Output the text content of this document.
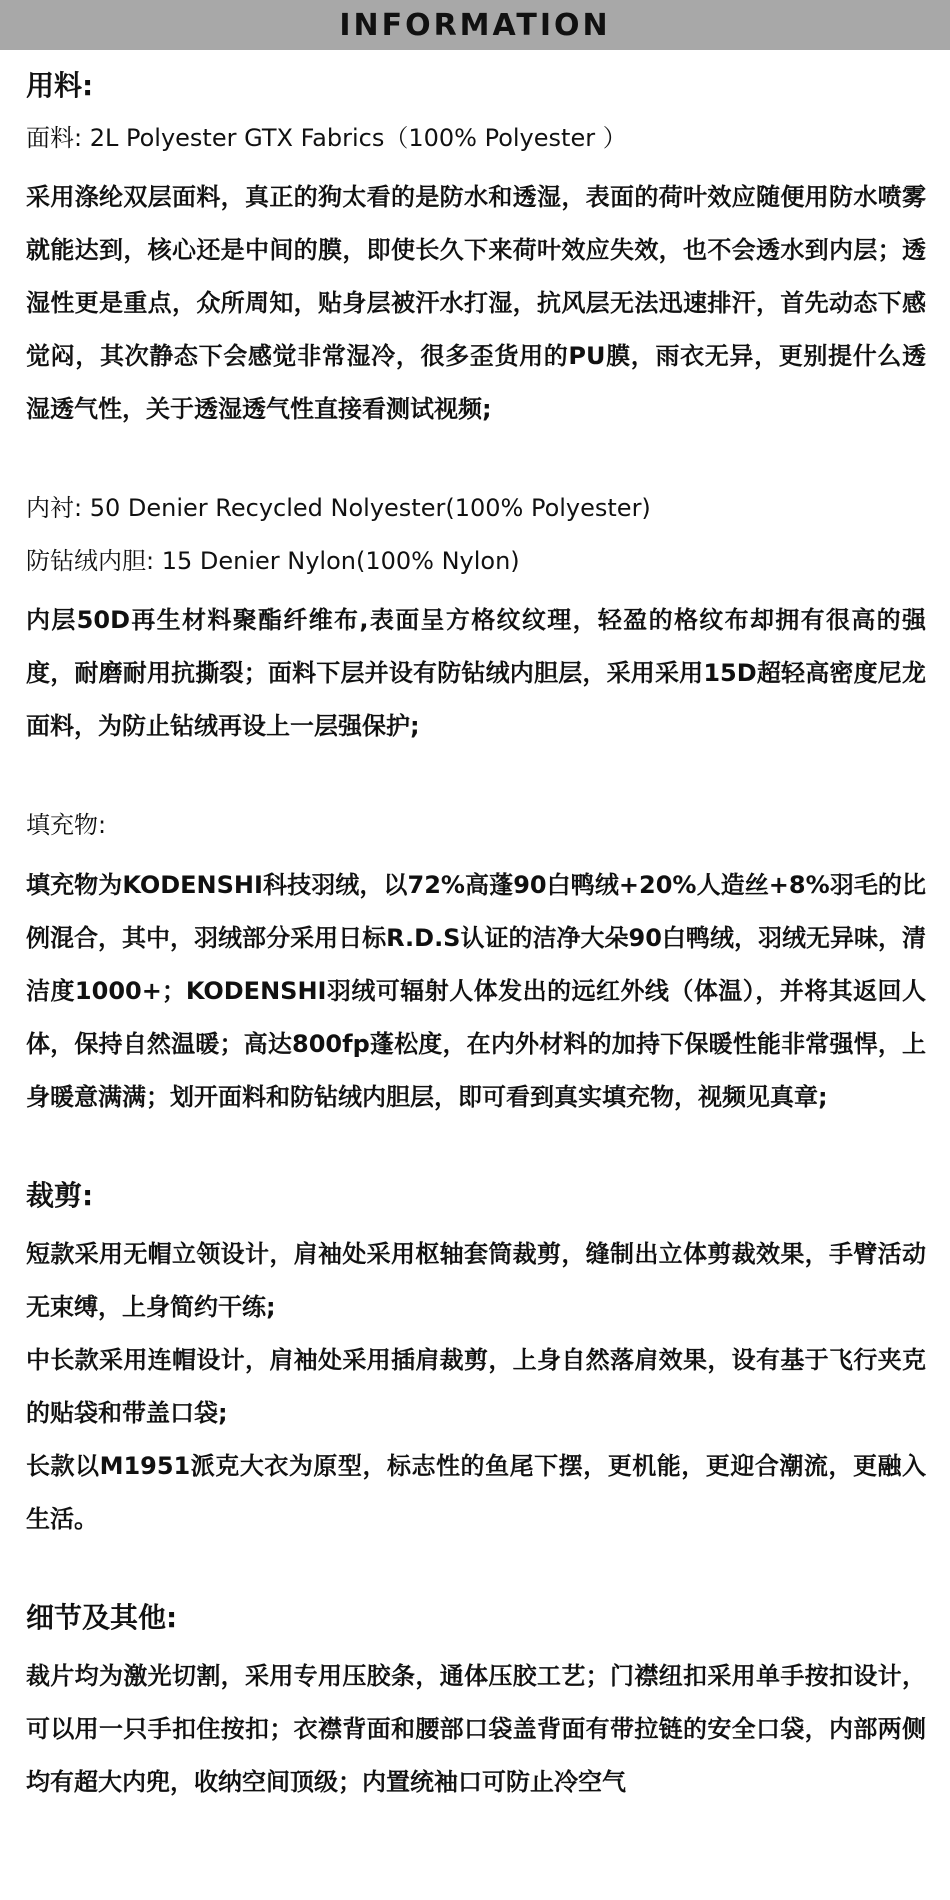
INFORMATION
用料:
面料: 2L Polyester GTX Fabrics（100% Polyester ）

采用涤纶双层面料，真正的狗太看的是防水和透湿，表面的荷叶效应随便用防水喷雾就能达到，核心还是中间的膜，即使长久下来荷叶效应失效，也不会透水到内层；透湿性更是重点，众所周知，贴身层被汗水打湿，抗风层无法迅速排汗，首先动态下感觉闷，其次静态下会感觉非常湿冷，很多歪货用的PU膜，雨衣无异，更别提什么透湿透气性，关于透湿透气性直接看测试视频;

内衬: 50 Denier Recycled Nolyester(100% Polyester)
防钻绒内胆: 15 Denier Nylon(100% Nylon)

内层50D再生材料聚酯纤维布,表面呈方格纹纹理，轻盈的格纹布却拥有很高的强度，耐磨耐用抗撕裂；面料下层并设有防钻绒内胆层，采用采用15D超轻高密度尼龙面料，为防止钻绒再设上一层强保护;

填充物:

填充物为KODENSHI科技羽绒，以72%高蓬90白鸭绒+20%人造丝+8%羽毛的比例混合，其中，羽绒部分采用日标R.D.S认证的洁净大朵90白鸭绒，羽绒无异味，清洁度1000+；KODENSHI羽绒可辐射人体发出的远红外线（体温），并将其返回人体，保持自然温暖；高达800fp蓬松度，在内外材料的加持下保暖性能非常强悍，上身暖意满满；划开面料和防钻绒内胆层，即可看到真实填充物，视频见真章;

裁剪:

短款采用无帽立领设计，肩袖处采用枢轴套筒裁剪，缝制出立体剪裁效果，手臂活动无束缚，上身简约干练;

中长款采用连帽设计，肩袖处采用插肩裁剪，上身自然落肩效果，设有基于飞行夹克的贴袋和带盖口袋;

长款以M1951派克大衣为原型，标志性的鱼尾下摆，更机能，更迎合潮流，更融入生活。

细节及其他:

裁片均为激光切割，采用专用压胶条，通体压胶工艺；门襟纽扣采用单手按扣设计，可以用一只手扣住按扣；衣襟背面和腰部口袋盖背面有带拉链的安全口袋，内部两侧均有超大内兜，收纳空间顶级；内置统袖口可防止冷空气
